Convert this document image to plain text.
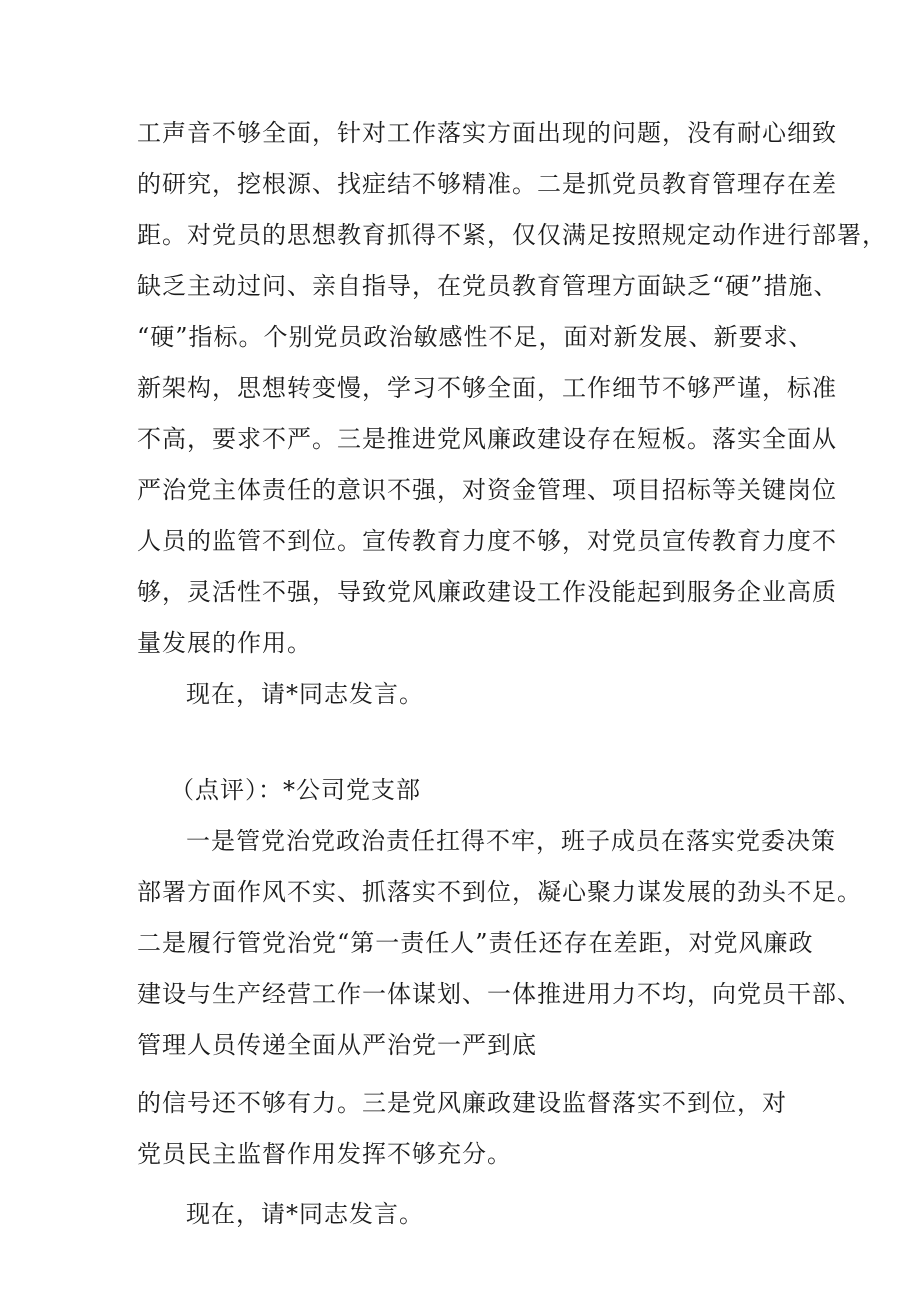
工声音不够全面，针对工作落实方面出现的问题，没有耐心细致
的研究，挖根源、找症结不够精准。二是抓党员教育管理存在差
距。对党员的思想教育抓得不紧，仅仅满足按照规定动作进行部署，
缺乏主动过问、亲自指导，在党员教育管理方面缺乏“硬”措施、
“硬”指标。个别党员政治敏感性不足，面对新发展、新要求、
新架构，思想转变慢，学习不够全面，工作细节不够严谨，标准
不高，要求不严。三是推进党风廉政建设存在短板。落实全面从
严治党主体责任的意识不强，对资金管理、项目招标等关键岗位
人员的监管不到位。宣传教育力度不够，对党员宣传教育力度不
够，灵活性不强，导致党风廉政建设工作没能起到服务企业高质
量发展的作用。
现在，请*同志发言。
（点评）：*公司党支部
一是管党治党政治责任扛得不牢，班子成员在落实党委决策
部署方面作风不实、抓落实不到位，凝心聚力谋发展的劲头不足。
二是履行管党治党“第一责任人”责任还存在差距，对党风廉政
建设与生产经营工作一体谋划、一体推进用力不均，向党员干部、
管理人员传递全面从严治党一严到底
的信号还不够有力。三是党风廉政建设监督落实不到位，对
党员民主监督作用发挥不够充分。
现在，请*同志发言。
